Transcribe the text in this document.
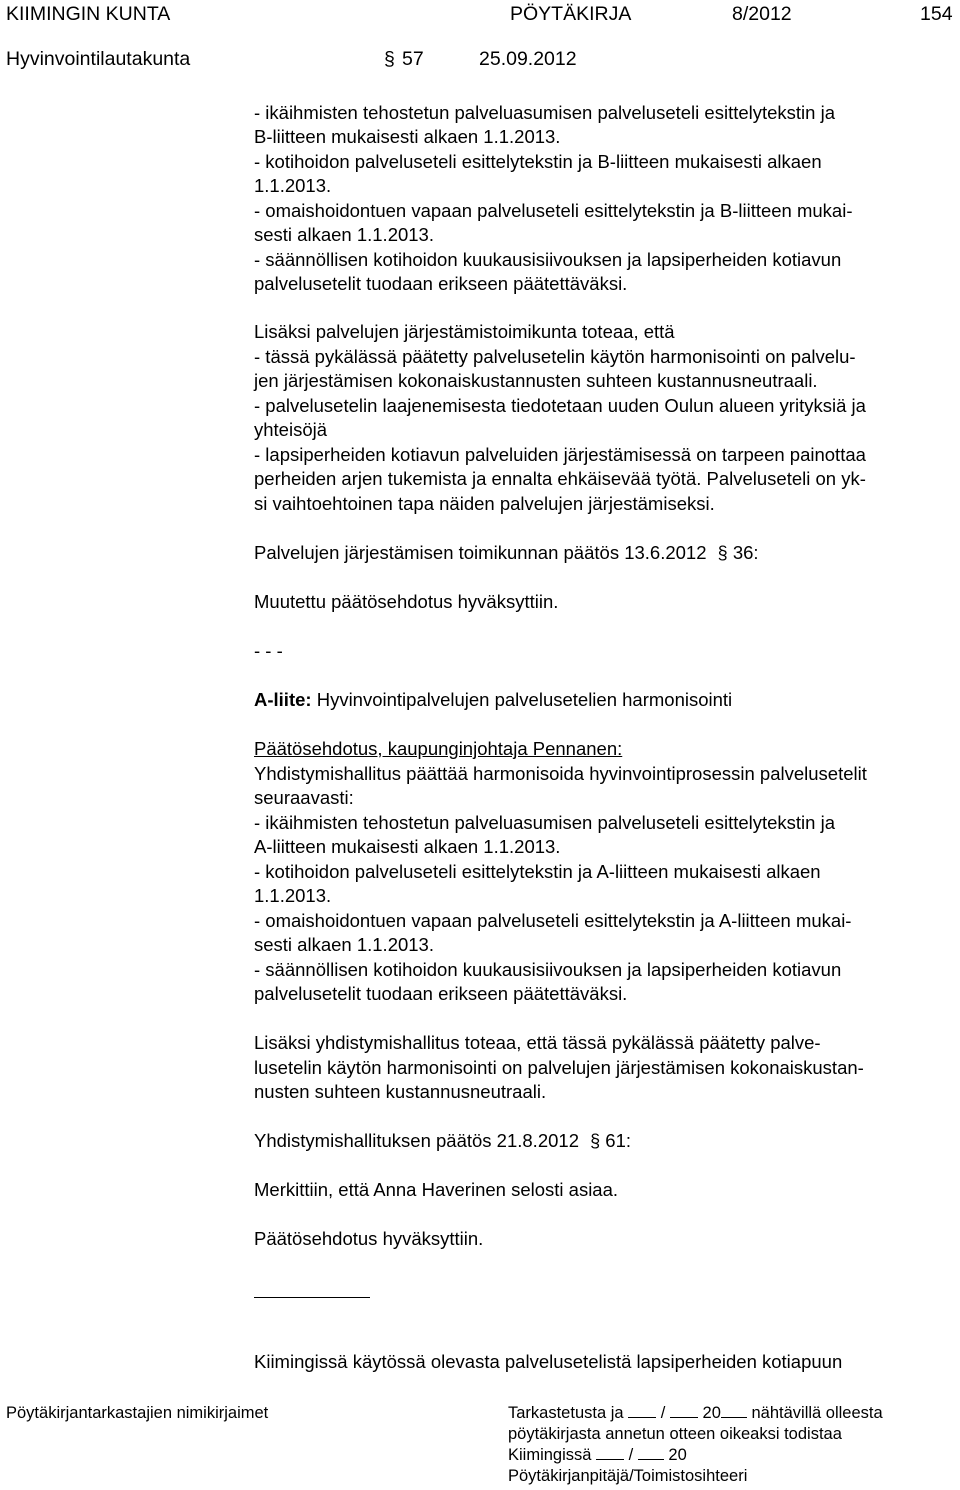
KIIMINGIN KUNTA	PÖYTÄKIRJA	8/2012	154
Hyvinvointilautakunta	§ 57	25.09.2012
- ikäihmisten tehostetun palveluasumisen palveluseteli esittelytekstin ja
B-liitteen mukaisesti alkaen 1.1.2013.
- kotihoidon palveluseteli esittelytekstin ja B-liitteen mukaisesti alkaen
1.1.2013.
- omaishoidontuen vapaan palveluseteli esittelytekstin ja B-liitteen mukai-
sesti alkaen 1.1.2013.
- säännöllisen kotihoidon kuukausisiivouksen ja lapsiperheiden kotiavun
palvelusetelit tuodaan erikseen päätettäväksi.
Lisäksi palvelujen järjestämistoimikunta toteaa, että
- tässä pykälässä päätetty palvelusetelin käytön harmonisointi on palvelu-
jen järjestämisen kokonaiskustannusten suhteen kustannusneutraali.
- palvelusetelin laajenemisesta tiedotetaan uuden Oulun alueen yrityksiä ja
yhteisöjä
- lapsiperheiden kotiavun palveluiden järjestämisessä on tarpeen painottaa
perheiden arjen tukemista ja ennalta ehkäisevää työtä. Palveluseteli on yk-
si vaihtoehtoinen tapa näiden palvelujen järjestämiseksi.
Palvelujen järjestämisen toimikunnan päätös 13.6.2012 § 36:
Muutettu päätösehdotus hyväksyttiin.
- - -
A-liite: Hyvinvointipalvelujen palvelusetelien harmonisointi
Päätösehdotus, kaupunginjohtaja Pennanen:
Yhdistymishallitus päättää harmonisoida hyvinvointiprosessin palvelusetelit
seuraavasti:
- ikäihmisten tehostetun palveluasumisen palveluseteli esittelytekstin ja
A-liitteen mukaisesti alkaen 1.1.2013.
- kotihoidon palveluseteli esittelytekstin ja A-liitteen mukaisesti alkaen
1.1.2013.
- omaishoidontuen vapaan palveluseteli esittelytekstin ja A-liitteen mukai-
sesti alkaen 1.1.2013.
- säännöllisen kotihoidon kuukausisiivouksen ja lapsiperheiden kotiavun
palvelusetelit tuodaan erikseen päätettäväksi.
Lisäksi yhdistymishallitus toteaa, että tässä pykälässä päätetty palve-
lusetelin käytön harmonisointi on palvelujen järjestämisen kokonaiskustan-
nusten suhteen kustannusneutraali.
Yhdistymishallituksen päätös 21.8.2012 § 61:
Merkittiin, että Anna Haverinen selosti asiaa.
Päätösehdotus hyväksyttiin.
Kiimingissä käytössä olevasta palvelusetelistä lapsiperheiden kotiapuun
Pöytäkirjantarkastajien nimikirjaimet	Tarkastetusta ja / 20 nähtävillä olleesta
pöytäkirjasta annetun otteen oikeaksi todistaa
Kiimingissä / 20
Pöytäkirjanpitäjä/Toimistosihteeri
